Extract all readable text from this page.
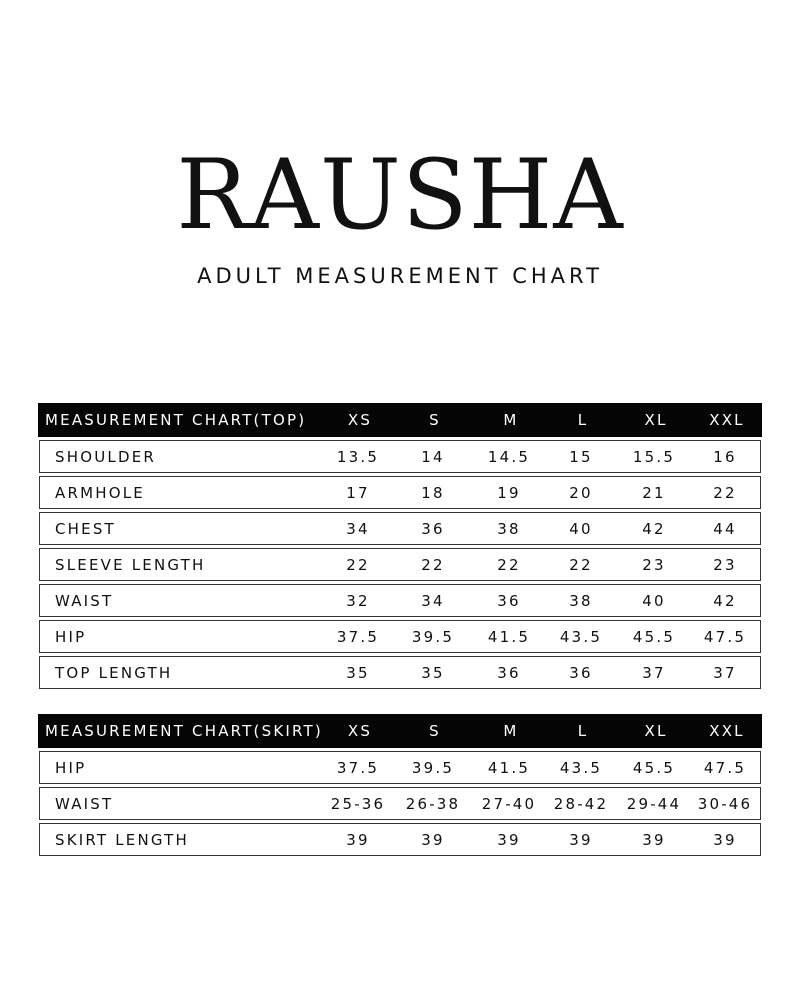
RAUSHA
ADULT MEASUREMENT CHART
MEASUREMENT CHART(TOP)	XS	S	M	L	XL	XXL
SHOULDER	13.5	14	14.5	15	15.5	16
ARMHOLE	17	18	19	20	21	22
CHEST	34	36	38	40	42	44
SLEEVE LENGTH	22	22	22	22	23	23
WAIST	32	34	36	38	40	42
HIP	37.5	39.5	41.5	43.5	45.5	47.5
TOP LENGTH	35	35	36	36	37	37
MEASUREMENT CHART(SKIRT)	XS	S	M	L	XL	XXL
HIP	37.5	39.5	41.5	43.5	45.5	47.5
WAIST	25-36	26-38	27-40	28-42	29-44	30-46
SKIRT LENGTH	39	39	39	39	39	39
